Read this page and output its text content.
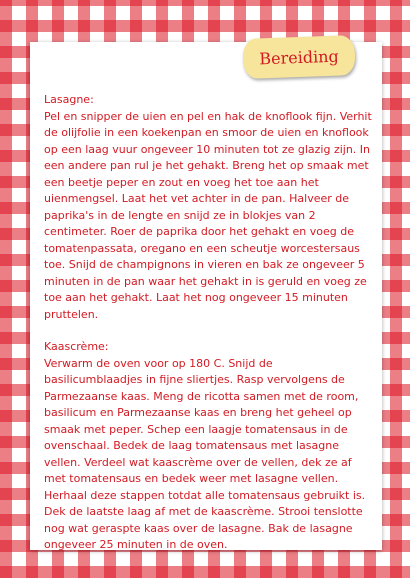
Lasagne:

Pel en snipper de uien en pel en hak de knoflook fijn. Verhit de olijfolie in een koekenpan en smoor de uien en knoflook op een laag vuur ongeveer 10 minuten tot ze glazig zijn. In een andere pan rul je het gehakt. Breng het op smaak met een beetje peper en zout en voeg het toe aan het uienmengsel. Laat het vet achter in de pan. Halveer de paprika's in de lengte en snijd ze in blokjes van 2 centimeter. Roer de paprika door het gehakt en voeg de tomatenpassata, oregano en een scheutje worcestersaus toe. Snijd de champignons in vieren en bak ze ongeveer 5 minuten in de pan waar het gehakt in is geruld en voeg ze toe aan het gehakt. Laat het nog ongeveer 15 minuten pruttelen.

Kaascrème:

Verwarm de oven voor op 180 C. Snijd de basilicumblaadjes in fijne sliertjes. Rasp vervolgens de Parmezaanse kaas. Meng de ricotta samen met de room, basilicum en Parmezaanse kaas en breng het geheel op smaak met peper. Schep een laagje tomatensaus in de ovenschaal. Bedek de laag tomatensaus met lasagne vellen. Verdeel wat kaascrème over de vellen, dek ze af met tomatensaus en bedek weer met lasagne vellen. Herhaal deze stappen totdat alle tomatensaus gebruikt is. Dek de laatste laag af met de kaascrème. Strooi tenslotte nog wat geraspte kaas over de lasagne. Bak de lasagne ongeveer 25 minuten in de oven.

Bereiding
